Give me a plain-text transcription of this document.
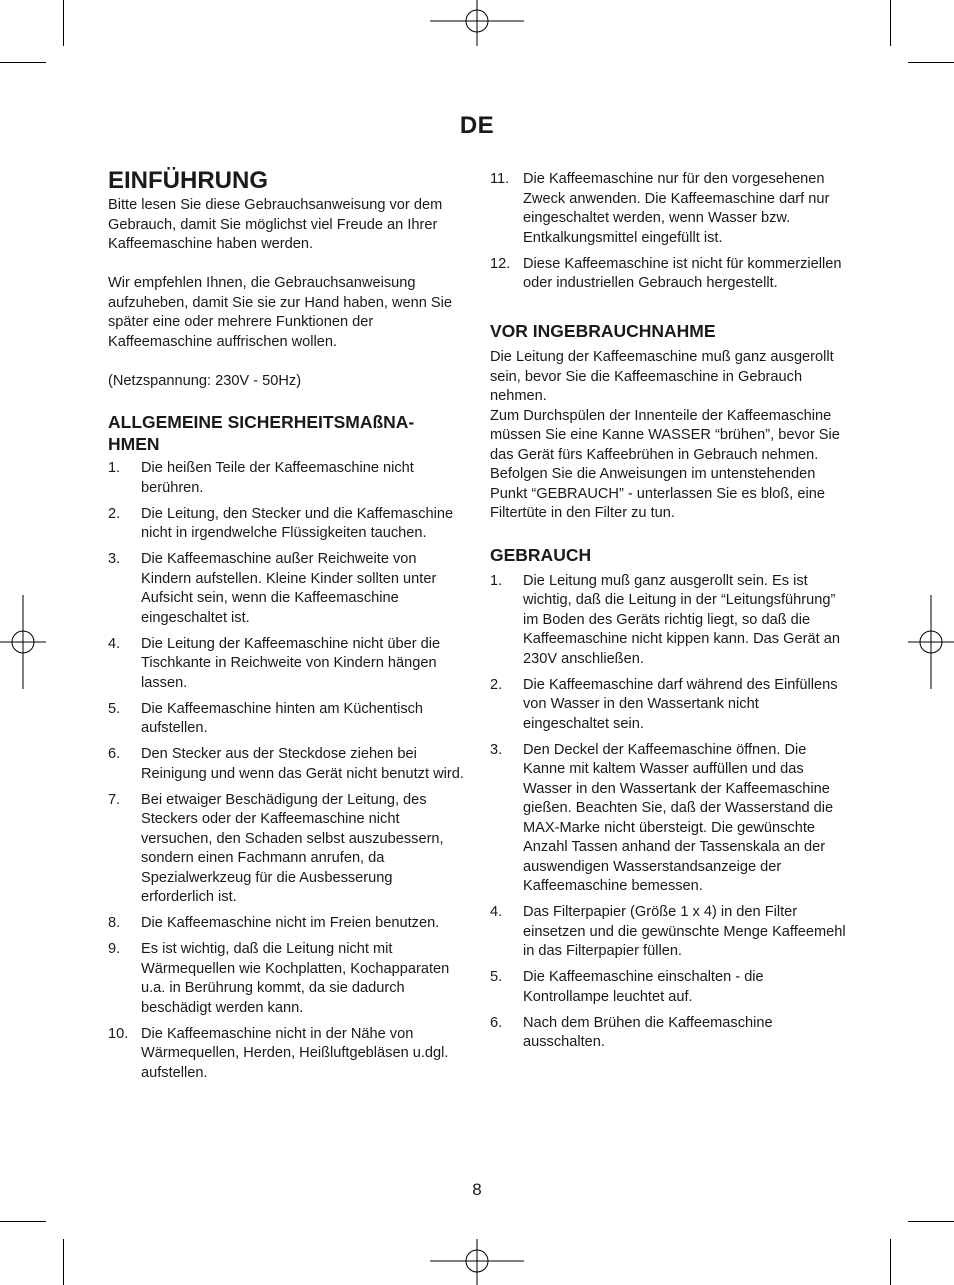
DE
EINFÜHRUNG

Bitte lesen Sie diese Gebrauchsanweisung vor dem Gebrauch, damit Sie möglichst viel Freude an Ihrer Kaffeemaschine haben werden.

Wir empfehlen Ihnen, die Gebrauchsanweisung aufzuheben, damit Sie sie zur Hand haben, wenn Sie später eine oder mehrere Funktionen der Kaffeemaschine auffrischen wollen.

(Netzspannung: 230V - 50Hz)

ALLGEMEINE SICHERHEITSMAßNA-HMEN
1.	Die heißen Teile der Kaffeemaschine nicht berühren.
2.	Die Leitung, den Stecker und die Kaffemaschine nicht in irgendwelche Flüssigkeiten tauchen.
3.	Die Kaffeemaschine außer Reichweite von Kindern aufstellen. Kleine Kinder sollten unter Aufsicht sein, wenn die Kaffeemaschine eingeschaltet ist.
4.	Die Leitung der Kaffeemaschine nicht über die Tischkante in Reichweite von Kindern hängen lassen.
5.	Die Kaffeemaschine hinten am Küchentisch aufstellen.
6.	Den Stecker aus der Steckdose ziehen bei Reinigung und wenn das Gerät nicht benutzt wird.
7.	Bei etwaiger Beschädigung der Leitung, des Steckers oder der Kaffeemaschine nicht versuchen, den Schaden selbst auszubessern, sondern einen Fachmann anrufen, da Spezialwerkzeug für die Ausbesserung erforderlich ist.
8.	Die Kaffeemaschine nicht im Freien benutzen.
9.	Es ist wichtig, daß die Leitung nicht mit Wärmequellen wie Kochplatten, Kochapparaten u.a. in Berührung kommt, da sie dadurch beschädigt werden kann.
10. Die Kaffeemaschine nicht in der Nähe von Wärmequellen, Herden, Heißluftgebläsen u.dgl. aufstellen.
11. Die Kaffeemaschine nur für den vorgesehenen Zweck anwenden. Die Kaffeemaschine darf nur eingeschaltet werden, wenn Wasser bzw. Entkalkungsmittel eingefüllt ist.
12. Diese Kaffeemaschine ist nicht für kommerziellen oder industriellen Gebrauch hergestellt.
VOR INGEBRAUCHNAHME

Die Leitung der Kaffeemaschine muß ganz ausgerollt sein, bevor Sie die Kaffeemaschine in Gebrauch nehmen.

Zum Durchspülen der Innenteile der Kaffeemaschine müssen Sie eine Kanne WASSER “brühen”, bevor Sie das Gerät fürs Kaffeebrühen in Gebrauch nehmen. Befolgen Sie die Anweisungen im untenstehenden Punkt “GEBRAUCH” - unterlassen Sie es bloß, eine Filtertüte in den Filter zu tun.

GEBRAUCH
1.	Die Leitung muß ganz ausgerollt sein. Es ist wichtig, daß die Leitung in der “Leitungsführung” im Boden des Geräts richtig liegt, so daß die Kaffeemaschine nicht kippen kann. Das Gerät an 230V anschließen.
2.	Die Kaffeemaschine darf während des Einfüllens von Wasser in den Wassertank nicht eingeschaltet sein.
3.	Den Deckel der Kaffeemaschine öffnen. Die Kanne mit kaltem Wasser auffüllen und das Wasser in den Wassertank der Kaffeemaschine gießen. Beachten Sie, daß der Wasserstand die MAX-Marke nicht übersteigt. Die gewünschte Anzahl Tassen anhand der Tassenskala an der auswendigen Wasserstandsanzeige der Kaffeemaschine bemessen.
4.	Das Filterpapier (Größe 1 x 4) in den Filter einsetzen und die gewünschte Menge Kaffeemehl in das Filterpapier füllen.
5.	Die Kaffeemaschine einschalten - die Kontrollampe leuchtet auf.
6.	Nach dem Brühen die Kaffeemaschine ausschalten.
8
